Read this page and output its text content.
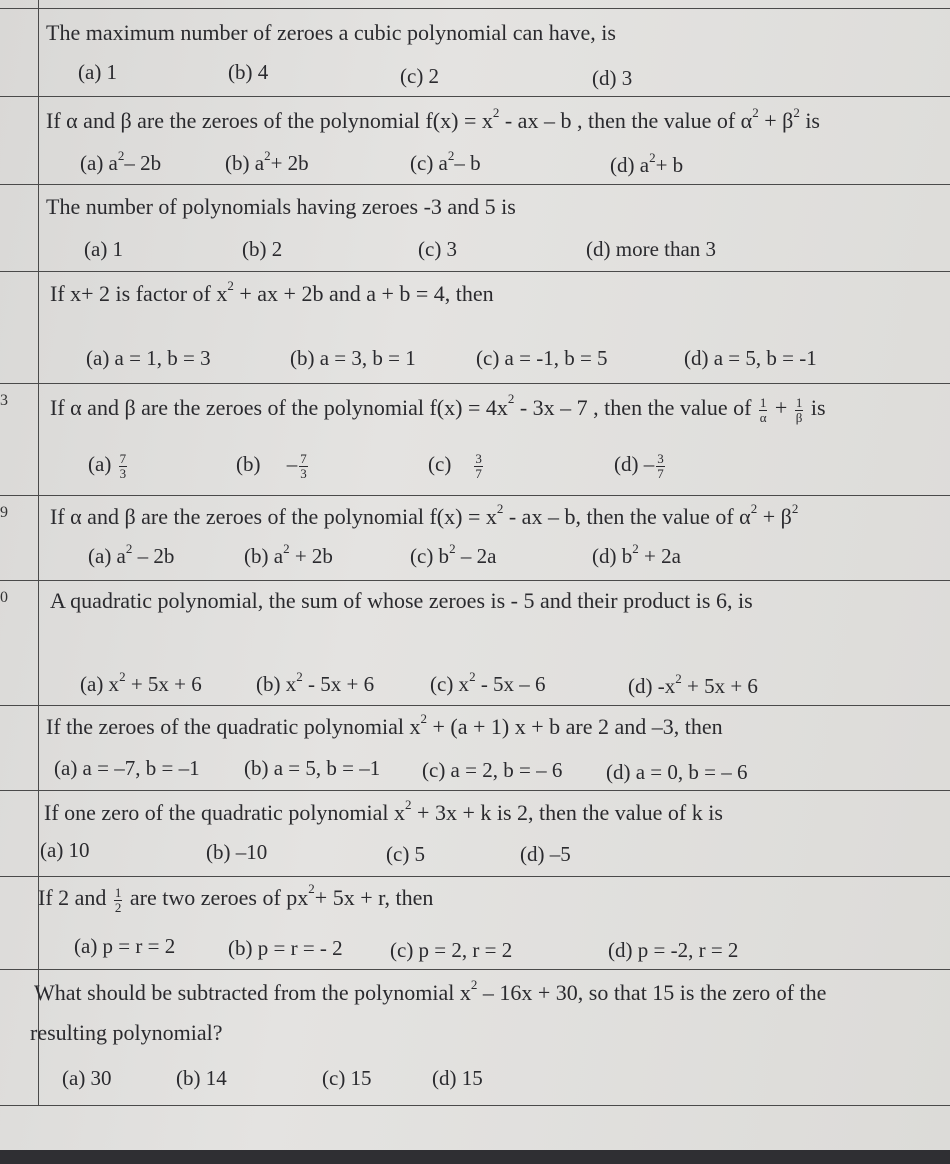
3
9
0
The maximum number of zeroes a cubic polynomial can have, is
(a) 1	(b) 4	(c) 2	(d) 3
If α and β are the zeroes of the polynomial $f(x) = x^2$ - ax – b , then the value of $\alpha^2 + \beta^2$ is
(a) $a^2-$ 2b	(b) $a^2+ 2b$	(c) $a^2-$ b	(d) $a^2+ b$
The number of polynomials having zeroes -3 and 5 is
(a) 1	(b) 2	(c) 3	(d) more than 3
If x+ 2 is factor of $x^2$ + ax + 2b and a + b = 4, then
(a) a = 1, b = 3	(b) a = 3, b = 1	(c) a = -1, b = 5	(d) a = 5, b = -1
If α and β are the zeroes of the polynomial $f(x) = 4x^2 - 3x - 7$ , then the value of $\frac{1}{\alpha} + \frac{1}{\beta}$ is
$(a) \frac{7}{3}$	$(b) - \frac{7}{3}$	$(c) \frac{3}{7}$	$(d) - \frac{3}{7}$
If α and β are the zeroes of the polynomial $f(x) = x^2$ - ax – b, then the value of $\alpha^2 + \beta^2$
(a) $a^2 - 2b$	(b) $a^2 + 2b$	(c) $b^2 - 2a$	(d) $b^2 + 2a$
A quadratic polynomial, the sum of whose zeroes is - 5 and their product is 6, is
(a) $x^2 + 5x + 6$	(b) $x^2 - 5x + 6$	(c) $x^2 - 5x - 6$	(d) $-x^2 + 5x + 6$
If the zeroes of the quadratic polynomial $x^2 + (a + 1) x + b$ are 2 and –3, then
(a) a = –7, b = –1 (b) a = 5, b = –1 (c) a = 2, b = – 6 (d) a = 0, b = – 6
If one zero of the quadratic polynomial $x^2 + 3x + k$ is 2, then the value of k is
(a) 10	(b) –10	(c) 5	(d) –5
If 2 and $\frac{1}{2}$ are two zeroes of $px^2+ 5x + r$, then
(a) p = r = 2	(b) p = r = - 2 (c) p = 2, r = 2	(d) p = -2, r = 2
What should be subtracted from the polynomial $x^2 - 16x + 30$, so that 15 is the zero of the
resulting polynomial?
(a) 30	(b) 14	(c) 15	(d) 15
